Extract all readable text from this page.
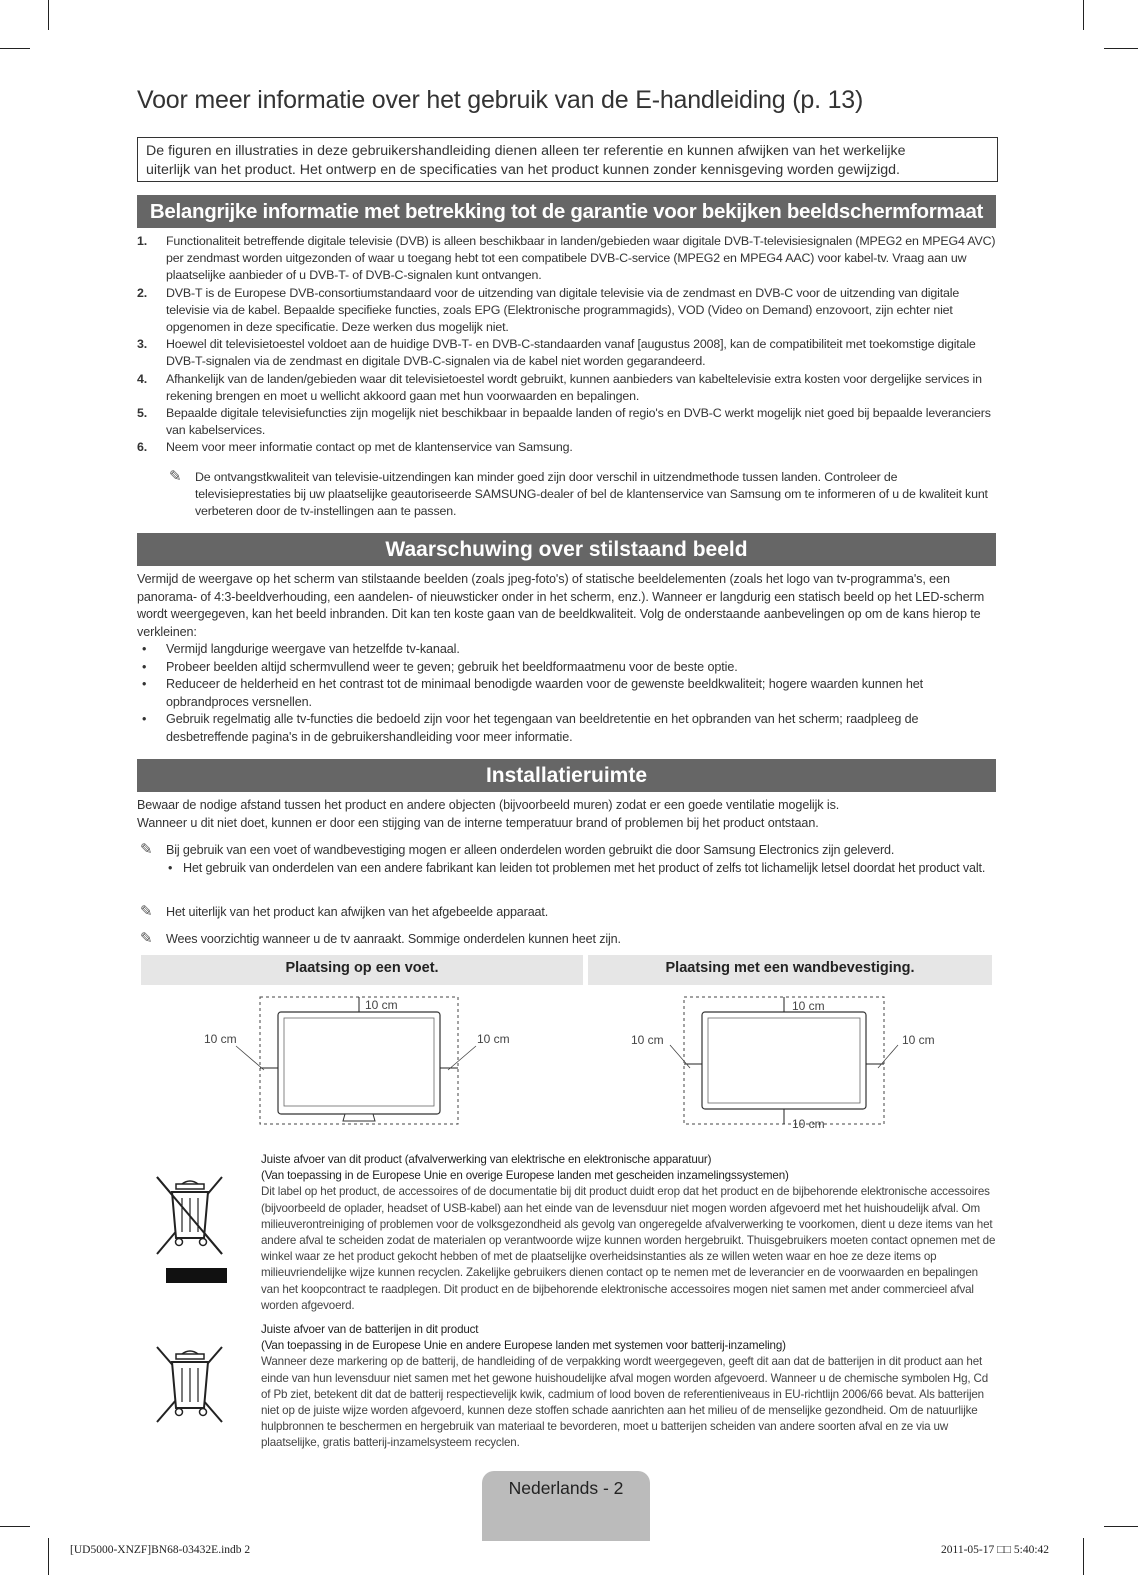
Voor meer informatie over het gebruik van de E-handleiding (p. 13)
De figuren en illustraties in deze gebruikershandleiding dienen alleen ter referentie en kunnen afwijken van het werkelijke
uiterlijk van het product. Het ontwerp en de specificaties van het product kunnen zonder kennisgeving worden gewijzigd.
Belangrijke informatie met betrekking tot de garantie voor bekijken beeldschermformaat
1. Functionaliteit betreffende digitale televisie (DVB) is alleen beschikbaar in landen/gebieden waar digitale DVB-T-televisiesignalen (MPEG2 en MPEG4 AVC) per zendmast worden uitgezonden of waar u toegang hebt tot een compatibele DVB-C-service (MPEG2 en MPEG4 AAC) voor kabel-tv. Vraag aan uw plaatselijke aanbieder of u DVB-T- of DVB-C-signalen kunt ontvangen.
2. DVB-T is de Europese DVB-consortiumstandaard voor de uitzending van digitale televisie via de zendmast en DVB-C voor de uitzending van digitale televisie via de kabel. Bepaalde specifieke functies, zoals EPG (Elektronische programmagids), VOD (Video on Demand) enzovoort, zijn echter niet opgenomen in deze specificatie. Deze werken dus mogelijk niet.
3. Hoewel dit televisietoestel voldoet aan de huidige DVB-T- en DVB-C-standaarden vanaf [augustus 2008], kan de compatibiliteit met toekomstige digitale DVB-T-signalen via de zendmast en digitale DVB-C-signalen via de kabel niet worden gegarandeerd.
4. Afhankelijk van de landen/gebieden waar dit televisietoestel wordt gebruikt, kunnen aanbieders van kabeltelevisie extra kosten voor dergelijke services in rekening brengen en moet u wellicht akkoord gaan met hun voorwaarden en bepalingen.
5. Bepaalde digitale televisiefuncties zijn mogelijk niet beschikbaar in bepaalde landen of regio's en DVB-C werkt mogelijk niet goed bij bepaalde leveranciers van kabelservices.
6. Neem voor meer informatie contact op met de klantenservice van Samsung.
✎ De ontvangstkwaliteit van televisie-uitzendingen kan minder goed zijn door verschil in uitzendmethode tussen landen. Controleer de televisieprestaties bij uw plaatselijke geautoriseerde SAMSUNG-dealer of bel de klantenservice van Samsung om te informeren of u de kwaliteit kunt verbeteren door de tv-instellingen aan te passen.
Waarschuwing over stilstaand beeld

Vermijd de weergave op het scherm van stilstaande beelden (zoals jpeg-foto's) of statische beeldelementen (zoals het logo van tv-programma's, een panorama- of 4:3-beeldverhouding, een aandelen- of nieuwsticker onder in het scherm, enz.). Wanneer er langdurig een statisch beeld op het LED-scherm wordt weergegeven, kan het beeld inbranden. Dit kan ten koste gaan van de beeldkwaliteit. Volg de onderstaande aanbevelingen op om de kans hierop te verkleinen:

• Vermijd langdurige weergave van hetzelfde tv-kanaal.
• Probeer beelden altijd schermvullend weer te geven; gebruik het beeldformaatmenu voor de beste optie.
• Reduceer de helderheid en het contrast tot de minimaal benodigde waarden voor de gewenste beeldkwaliteit; hogere waarden kunnen het opbrandproces versnellen.
• Gebruik regelmatig alle tv-functies die bedoeld zijn voor het tegengaan van beeldretentie en het opbranden van het scherm; raadpleeg de desbetreffende pagina's in de gebruikershandleiding voor meer informatie.
Installatieruimte

Bewaar de nodige afstand tussen het product en andere objecten (bijvoorbeeld muren) zodat er een goede ventilatie mogelijk is.

Wanneer u dit niet doet, kunnen er door een stijging van de interne temperatuur brand of problemen bij het product ontstaan.

✎ Bij gebruik van een voet of wandbevestiging mogen er alleen onderdelen worden gebruikt die door Samsung Electronics zijn geleverd.
• Het gebruik van onderdelen van een andere fabrikant kan leiden tot problemen met het product of zelfs tot lichamelijk letsel doordat het product valt.
✎ Het uiterlijk van het product kan afwijken van het afgebeelde apparaat.
✎ Wees voorzichtig wanneer u de tv aanraakt. Sommige onderdelen kunnen heet zijn.
Plaatsing op een voet.	Plaatsing met een wandbevestiging.
10 cm
10 cm	10 cm
10 cm
10 cm	10 cm
10 cm
Juiste afvoer van dit product (afvalverwerking van elektrische en elektronische apparatuur)
(Van toepassing in de Europese Unie en overige Europese landen met gescheiden inzamelingssystemen)
Dit label op het product, de accessoires of de documentatie bij dit product duidt erop dat het product en de bijbehorende elektronische accessoires (bijvoorbeeld de oplader, headset of USB-kabel) aan het einde van de levensduur niet mogen worden afgevoerd met het huishoudelijk afval. Om milieuverontreiniging of problemen voor de volksgezondheid als gevolg van ongeregelde afvalverwerking te voorkomen, dient u deze items van het andere afval te scheiden zodat de materialen op verantwoorde wijze kunnen worden hergebruikt. Thuisgebruikers moeten contact opnemen met de winkel waar ze het product gekocht hebben of met de plaatselijke overheidsinstanties als ze willen weten waar en hoe ze deze items op milieuvriendelijke wijze kunnen recyclen. Zakelijke gebruikers dienen contact op te nemen met de leverancier en de voorwaarden en bepalingen van het koopcontract te raadplegen. Dit product en de bijbehorende elektronische accessoires mogen niet samen met ander commercieel afval worden afgevoerd.
Juiste afvoer van de batterijen in dit product
(Van toepassing in de Europese Unie en andere Europese landen met systemen voor batterij-inzameling)
Wanneer deze markering op de batterij, de handleiding of de verpakking wordt weergegeven, geeft dit aan dat de batterijen in dit product aan het einde van hun levensduur niet samen met het gewone huishoudelijke afval mogen worden afgevoerd. Wanneer u de chemische symbolen Hg, Cd of Pb ziet, betekent dit dat de batterij respectievelijk kwik, cadmium of lood boven de referentieniveaus in EU-richtlijn 2006/66 bevat. Als batterijen niet op de juiste wijze worden afgevoerd, kunnen deze stoffen schade aanrichten aan het milieu of de menselijke gezondheid. Om de natuurlijke hulpbronnen te beschermen en hergebruik van materiaal te bevorderen, moet u batterijen scheiden van andere soorten afval en ze via uw plaatselijke, gratis batterij-inzamelsysteem recyclen.
Nederlands - 2
[UD5000-XNZF]BN68-03432E.indb 2	2011-05-17 □□ 5:40:42
